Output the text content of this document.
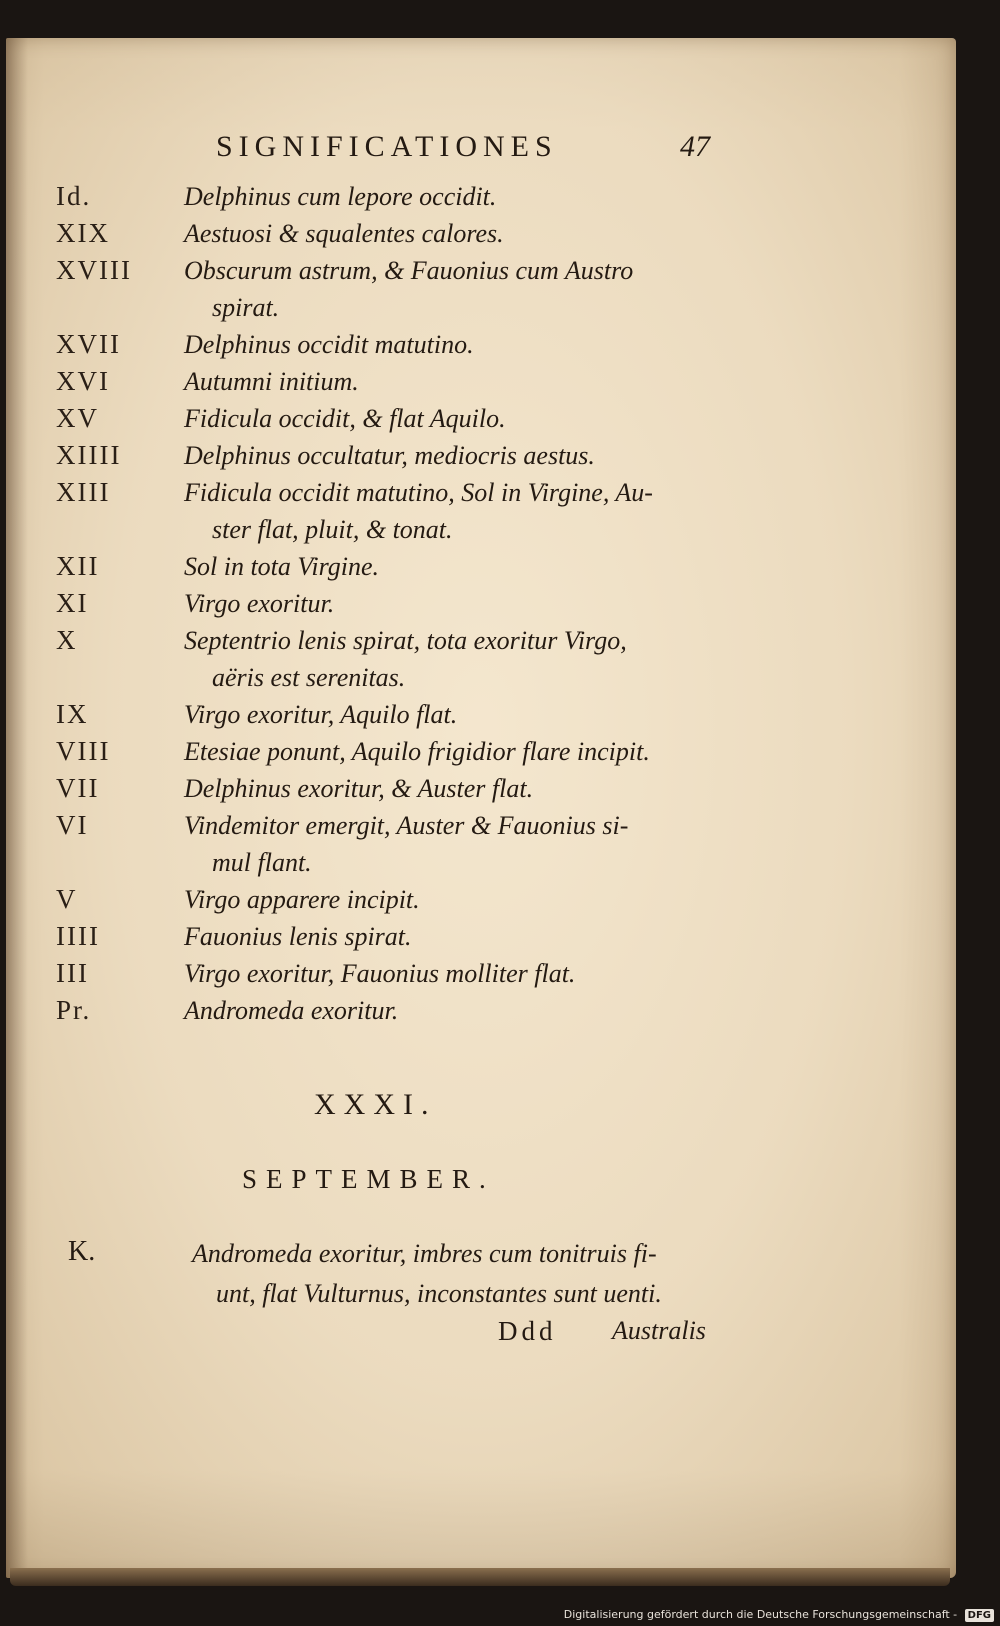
SIGNIFICATIONES	47
Id.	Delphinus cum lepore occidit.
XIX	Aestuosi & squalentes calores.
XVIII	Obscurum astrum, & Fauonius cum Austro
spirat.
XVII	Delphinus occidit matutino.
XVI	Autumni initium.
XV	Fidicula occidit, & flat Aquilo.
XIIII	Delphinus occultatur, mediocris aestus.
XIII	Fidicula occidit matutino, Sol in Virgine, Au-
ster flat, pluit, & tonat.
XII	Sol in tota Virgine.
XI	Virgo exoritur.
X	Septentrio lenis spirat, tota exoritur Virgo,
aëris est serenitas.
IX	Virgo exoritur, Aquilo flat.
VIII	Etesiae ponunt, Aquilo frigidior flare incipit.
VII	Delphinus exoritur, & Auster flat.
VI	Vindemitor emergit, Auster & Fauonius si-
mul flant.
V	Virgo apparere incipit.
IIII	Fauonius lenis spirat.
III	Virgo exoritur, Fauonius molliter flat.
Pr.	Andromeda exoritur.
XXXI.
SEPTEMBER.
K.	Andromeda exoritur, imbres cum tonitruis fi-
unt, flat Vulturnus, inconstantes sunt uenti.
Ddd Australis
Digitalisierung gefördert durch die Deutsche Forschungsgemeinschaft - DFG
